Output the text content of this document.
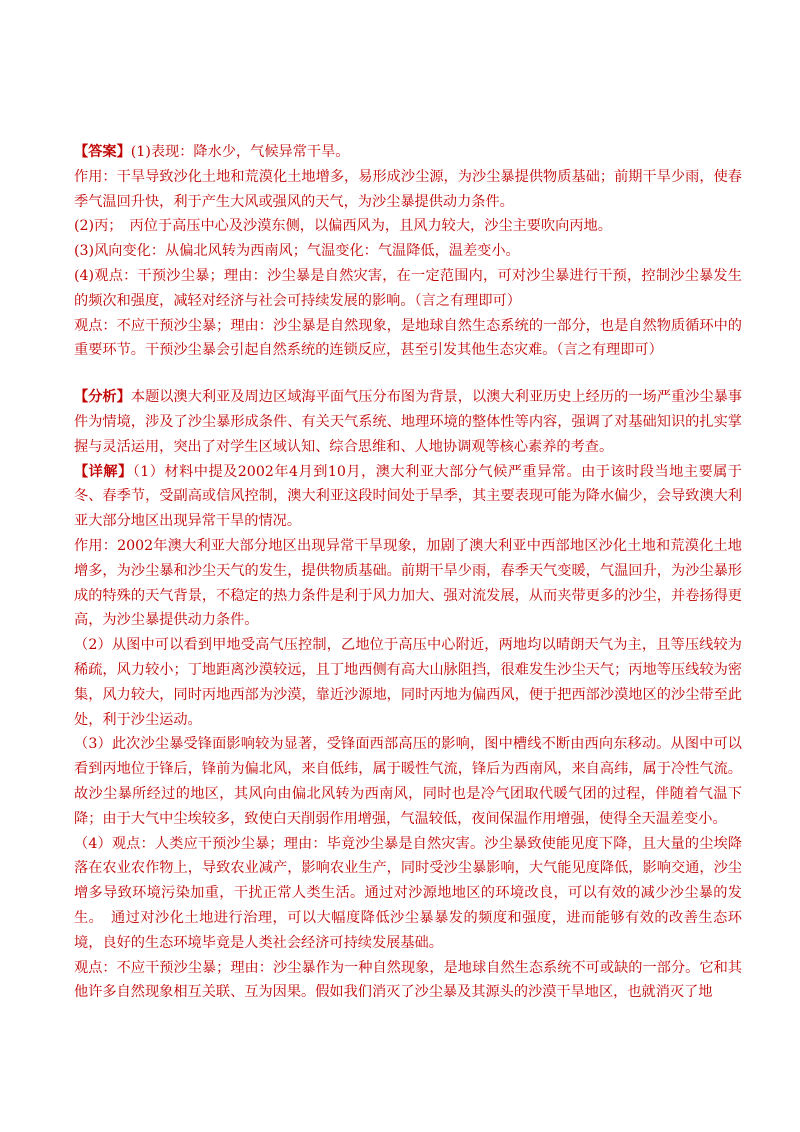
【答案】(1)表现：降水少，气候异常干旱。

作用：干旱导致沙化土地和荒漠化土地增多，易形成沙尘源，为沙尘暴提供物质基础；前期干旱少雨，使春季气温回升快，利于产生大风或强风的天气，为沙尘暴提供动力条件。

(2)丙；　丙位于高压中心及沙漠东侧，以偏西风为，且风力较大，沙尘主要吹向丙地。

(3)风向变化：从偏北风转为西南风；气温变化：气温降低，温差变小。

(4)观点：干预沙尘暴；理由：沙尘暴是自然灾害，在一定范围内，可对沙尘暴进行干预，控制沙尘暴发生的频次和强度，减轻对经济与社会可持续发展的影响。（言之有理即可）

观点：不应干预沙尘暴；理由：沙尘暴是自然现象，是地球自然生态系统的一部分，也是自然物质循环中的重要环节。干预沙尘暴会引起自然系统的连锁反应，甚至引发其他生态灾难。（言之有理即可）

【分析】本题以澳大利亚及周边区域海平面气压分布图为背景，以澳大利亚历史上经历的一场严重沙尘暴事件为情境，涉及了沙尘暴形成条件、有关天气系统、地理环境的整体性等内容，强调了对基础知识的扎实掌握与灵活运用，突出了对学生区域认知、综合思维和、人地协调观等核心素养的考查。

【详解】（1）材料中提及2002年4月到10月，澳大利亚大部分气候严重异常。由于该时段当地主要属于冬、春季节，受副高或信风控制，澳大利亚这段时间处于旱季，其主要表现可能为降水偏少，会导致澳大利亚大部分地区出现异常干旱的情况。

作用：2002年澳大利亚大部分地区出现异常干旱现象，加剧了澳大利亚中西部地区沙化土地和荒漠化土地增多，为沙尘暴和沙尘天气的发生，提供物质基础。前期干旱少雨，春季天气变暖，气温回升，为沙尘暴形成的特殊的天气背景，不稳定的热力条件是利于风力加大、强对流发展，从而夹带更多的沙尘，并卷扬得更高，为沙尘暴提供动力条件。

（2）从图中可以看到甲地受高气压控制，乙地位于高压中心附近，两地均以晴朗天气为主，且等压线较为稀疏，风力较小；丁地距离沙漠较远，且丁地西侧有高大山脉阻挡，很难发生沙尘天气；丙地等压线较为密集，风力较大，同时丙地西部为沙漠，靠近沙源地，同时丙地为偏西风，便于把西部沙漠地区的沙尘带至此处，利于沙尘运动。

（3）此次沙尘暴受锋面影响较为显著，受锋面西部高压的影响，图中槽线不断由西向东移动。从图中可以看到丙地位于锋后，锋前为偏北风，来自低纬，属于暖性气流，锋后为西南风，来自高纬，属于冷性气流。故沙尘暴所经过的地区，其风向由偏北风转为西南风，同时也是冷气团取代暖气团的过程，伴随着气温下降；由于大气中尘埃较多，致使白天削弱作用增强，气温较低，夜间保温作用增强，使得全天温差变小。

（4）观点：人类应干预沙尘暴；理由：毕竟沙尘暴是自然灾害。沙尘暴致使能见度下降，且大量的尘埃降落在农业农作物上，导致农业减产，影响农业生产，同时受沙尘暴影响，大气能见度降低，影响交通，沙尘增多导致环境污染加重，干扰正常人类生活。通过对沙源地地区的环境改良，可以有效的减少沙尘暴的发生。　通过对沙化土地进行治理，可以大幅度降低沙尘暴暴发的频度和强度，进而能够有效的改善生态环境，良好的生态环境毕竟是人类社会经济可持续发展基础。

观点：不应干预沙尘暴；理由：沙尘暴作为一种自然现象，是地球自然生态系统不可或缺的一部分。它和其他许多自然现象相互关联、互为因果。假如我们消灭了沙尘暴及其源头的沙漠干旱地区，也就消灭了地
